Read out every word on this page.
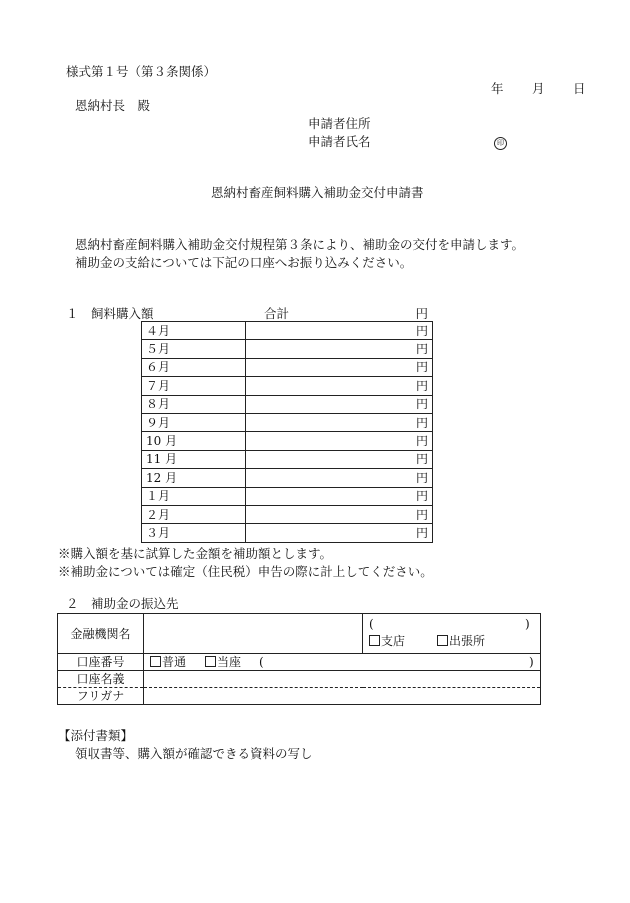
様式第１号（第３条関係）
年 月 日
恩納村長　殿
申請者住所
申請者氏名	印
恩納村畜産飼料購入補助金交付申請書
恩納村畜産飼料購入補助金交付規程第３条により、補助金の交付を申請します。
補助金の支給については下記の口座へお振り込みください。
１　飼料購入額	合計	円
４月	円
５月	円
６月	円
７月	円
８月	円
９月	円
10 月	円
11 月	円
12 月	円
１月	円
２月	円
３月	円
※購入額を基に試算した金額を補助額とします。
※補助金については確定（住民税）申告の際に計上してください。
２　補助金の振込先
金融機関名		( )
支店 出張所

口座番号	普通 当座 ( )	

口座名義		
フリガナ		
【添付書類】
領収書等、購入額が確認できる資料の写し
